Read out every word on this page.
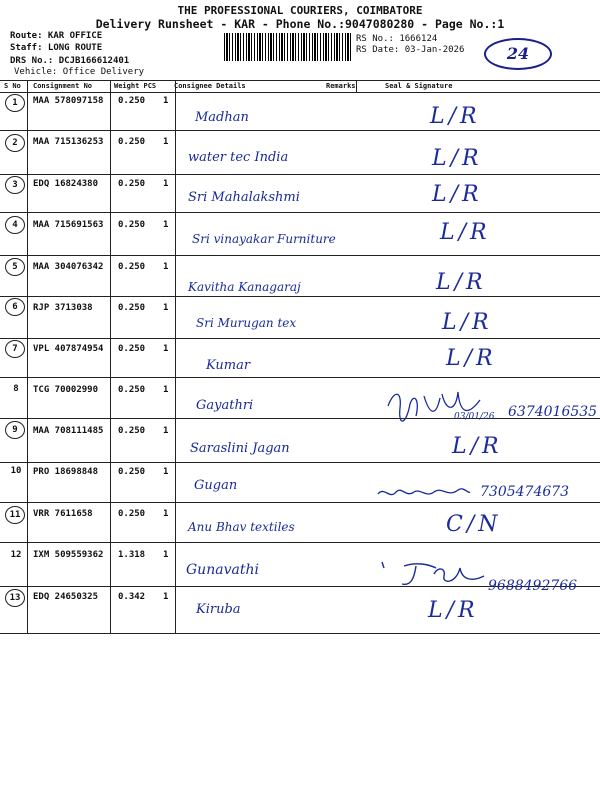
THE PROFESSIONAL COURIERS, COIMBATORE
Delivery Runsheet - KAR - Phone No.:9047080280 - Page No.:1
Route: KAR OFFICE
Staff: LONG ROUTE
DRS No.: DCJB166612401
Vehicle: Office Delivery
RS No.: 1666124
RS Date: 03-Jan-2026	24
S No Consignment No	Weight PCS	Consignee Details	Remarks	Seal & Signature
1	MAA 578097158 0.250 1
Madhan	L/R
2	MAA 715136253 0.250 1
water tec India	L/R
3	EDQ 16824380 0.250 1
Sri Mahalakshmi	L/R
4	MAA 715691563 0.250 1
Sri vinayakar Furniture	L/R
5	MAA 304076342 0.250 1
Kavitha Kanagaraj	L/R
6	RJP 3713038	0.250 1
Sri Murugan tex	L/R
7	VPL 407874954 0.250 1
Kumar	L/R
8	TCG 70002990 0.250 1
Gayathri
03/01/26 6374016535
9	MAA 708111485 0.250 1
Saraslini Jagan	L/R
10	PRO 18698848 0.250 1
Gugan	7305474673
11	VRR 7611658	0.250 1
Anu Bhav textiles	C/N
12	IXM 509559362 1.318 1
Gunavathi
9688492766
13	EDQ 24650325 0.342 1
Kiruba	L/R
